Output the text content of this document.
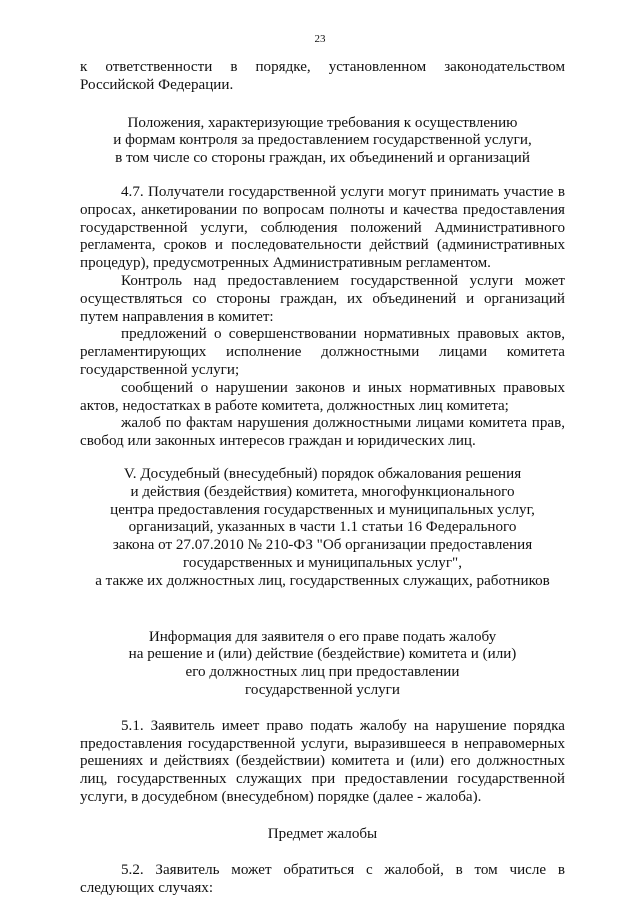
23

к ответственности в порядке, установленном законодательством Российской Федерации.

Положения, характеризующие требования к осуществлению
и формам контроля за предоставлением государственной услуги,
в том числе со стороны граждан, их объединений и организаций

4.7. Получатели государственной услуги могут принимать участие в опросах, анкетировании по вопросам полноты и качества предоставления государственной услуги, соблюдения положений Административного регламента, сроков и последовательности действий (административных процедур), предусмотренных Административным регламентом.

Контроль над предоставлением государственной услуги может осуществляться со стороны граждан, их объединений и организаций путем направления в комитет:

предложений о совершенствовании нормативных правовых актов, регламентирующих исполнение должностными лицами комитета государственной услуги;

сообщений о нарушении законов и иных нормативных правовых актов, недостатках в работе комитета, должностных лиц комитета;

жалоб по фактам нарушения должностными лицами комитета прав, свобод или законных интересов граждан и юридических лиц.

V. Досудебный (внесудебный) порядок обжалования решения
и действия (бездействия) комитета, многофункционального
центра предоставления государственных и муниципальных услуг,
организаций, указанных в части 1.1 статьи 16 Федерального
закона от 27.07.2010 № 210-ФЗ "Об организации предоставления
государственных и муниципальных услуг",
а также их должностных лиц, государственных служащих, работников
Информация для заявителя о его праве подать жалобу
на решение и (или) действие (бездействие) комитета и (или)
его должностных лиц при предоставлении
государственной услуги

5.1. Заявитель имеет право подать жалобу на нарушение порядка предоставления государственной услуги, выразившееся в неправомерных решениях и действиях (бездействии) комитета и (или) его должностных лиц, государственных служащих при предоставлении государственной услуги, в досудебном (внесудебном) порядке (далее - жалоба).

Предмет жалобы

5.2. Заявитель может обратиться с жалобой, в том числе в следующих случаях:
